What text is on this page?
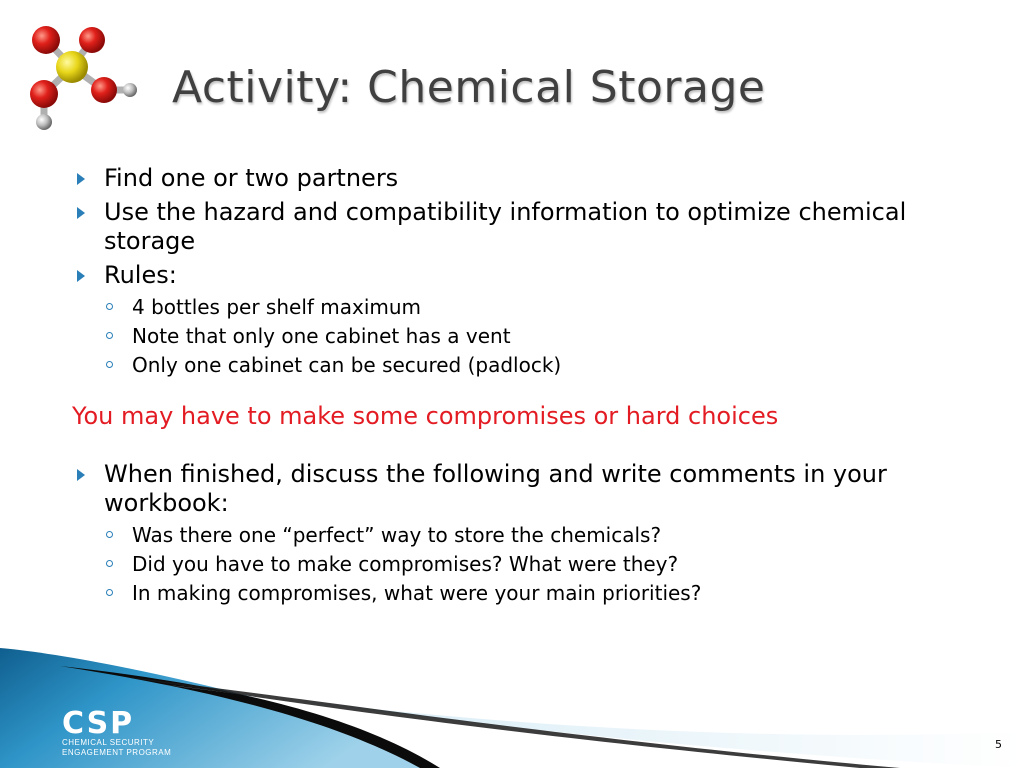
Activity: Chemical Storage
Find one or two partners
Use the hazard and compatibility information to optimize chemical storage
Rules:
4 bottles per shelf maximum
Note that only one cabinet has a vent
Only one cabinet can be secured (padlock)
You may have to make some compromises or hard choices
When finished, discuss the following and write comments in your workbook:
Was there one “perfect” way to store the chemicals?
Did you have to make compromises? What were they?
In making compromises, what were your main priorities?
CSP
CHEMICAL SECURITY
ENGAGEMENT PROGRAM
5
